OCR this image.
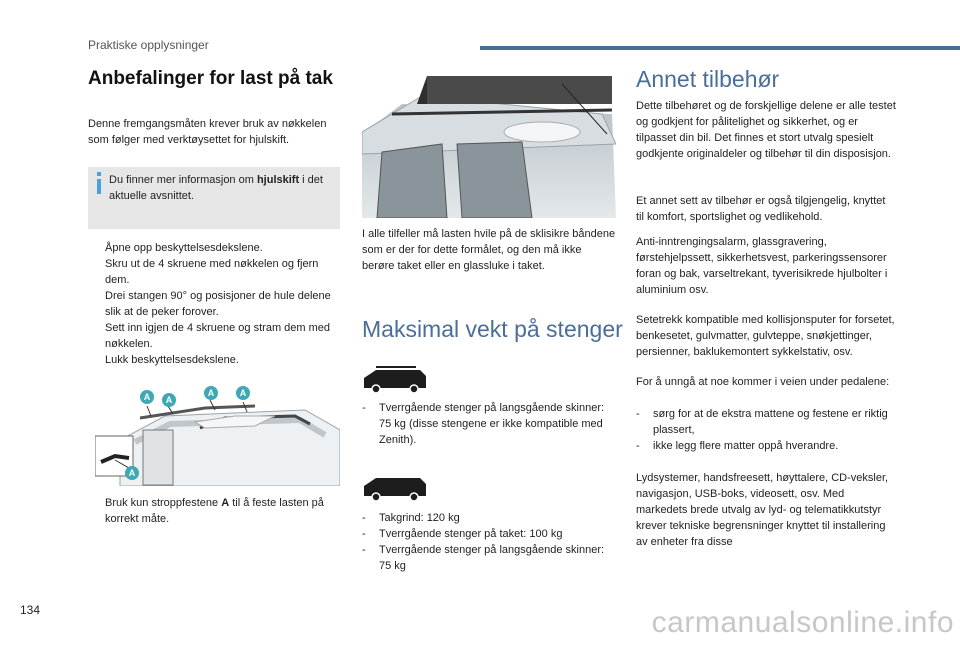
Praktiske opplysninger
Anbefalinger for last på tak
Denne fremgangsmåten krever bruk av nøkkelen som følger med verktøysettet for hjulskift.
Du finner mer informasjon om hjulskift i det aktuelle avsnittet.
Åpne opp beskyttelsesdekslene.
Skru ut de 4 skruene med nøkkelen og fjern dem.
Drei stangen 90° og posisjoner de hule delene slik at de peker forover.
Sett inn igjen de 4 skruene og stram dem med nøkkelen.
Lukk beskyttelsesdekslene.
A	A
A	A
A
Bruk kun stroppfestene A til å feste lasten på korrekt måte.
I alle tilfeller må lasten hvile på de sklisikre båndene som er der for dette formålet, og den må ikke berøre taket eller en glassluke i taket.
Maksimal vekt på stenger
- Tverrgående stenger på langsgående skinner: 75 kg (disse stengene er ikke kompatible med Zenith).
- Takgrind: 120 kg
- Tverrgående stenger på taket: 100 kg
- Tverrgående stenger på langsgående skinner: 75 kg
Annet tilbehør
Dette tilbehøret og de forskjellige delene er alle testet og godkjent for pålitelighet og sikkerhet, og er tilpasset din bil. Det finnes et stort utvalg spesielt godkjente originaldeler og tilbehør til din disposisjon.
Et annet sett av tilbehør er også tilgjengelig, knyttet til komfort, sportslighet og vedlikehold.
Anti-inntrengingsalarm, glassgravering, førstehjelpssett, sikkerhetsvest, parkeringssensorer foran og bak, varseltrekant, tyverisikrede hjulbolter i aluminium osv.
Setetrekk kompatible med kollisjonsputer for forsetet, benkesetet, gulvmatter, gulvteppe, snøkjettinger, persienner, baklukemontert sykkelstativ, osv.
For å unngå at noe kommer i veien under pedalene:
- sørg for at de ekstra mattene og festene er riktig plassert,
- ikke legg flere matter oppå hverandre.
Lydsystemer, handsfreesett, høyttalere, CD-veksler, navigasjon, USB-boks, videosett, osv. Med markedets brede utvalg av lyd- og telematikkutstyr krever tekniske begrensninger knyttet til installering av enheter fra disse
134	carmanualsonline.info
